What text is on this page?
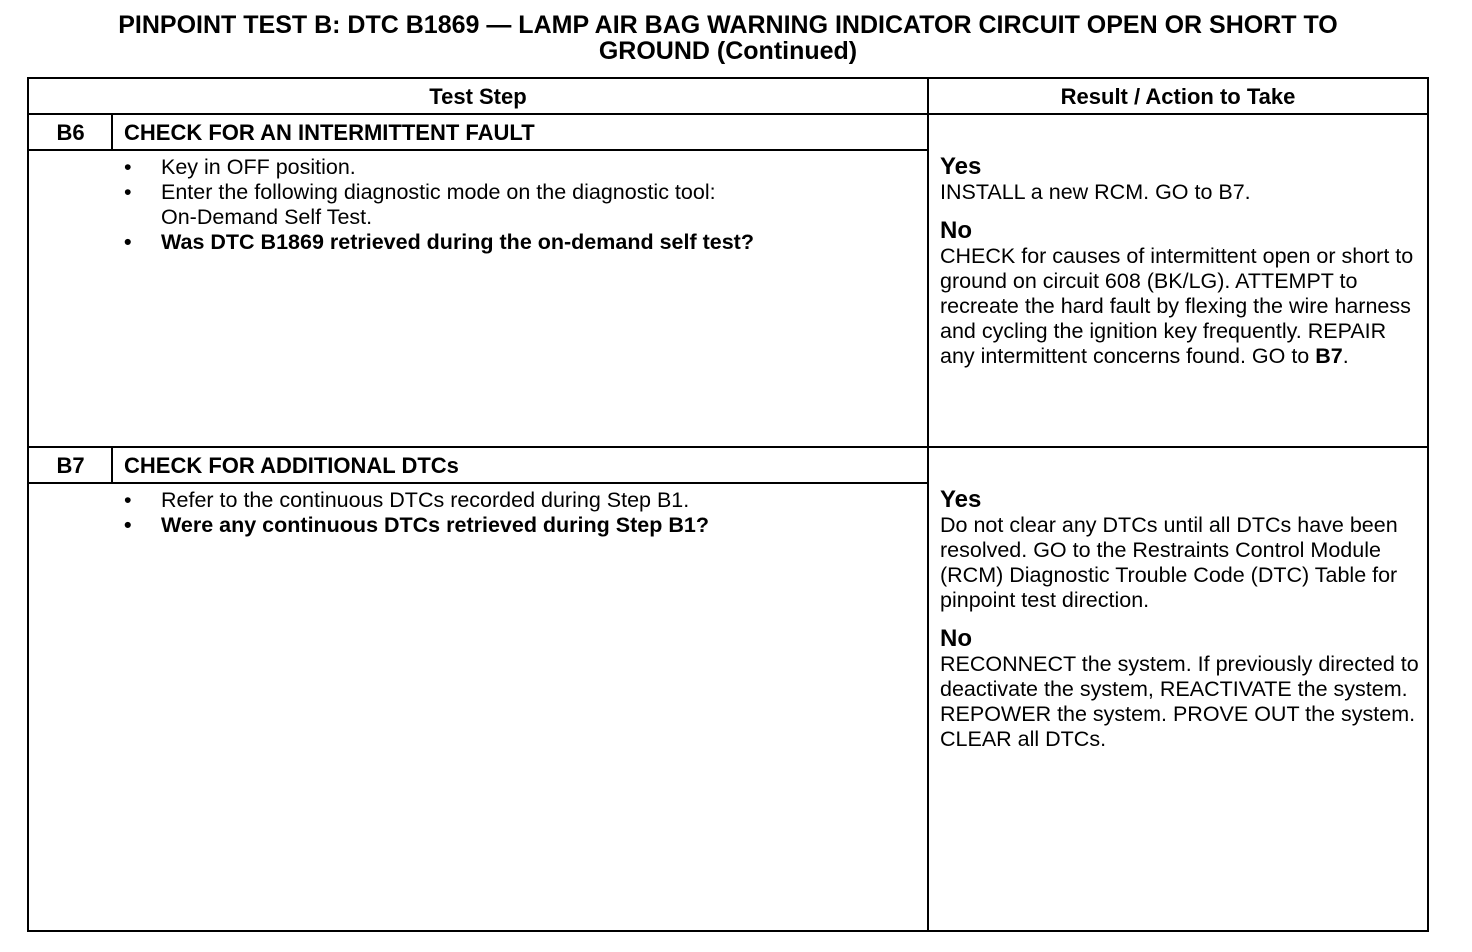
PINPOINT TEST B: DTC B1869 — LAMP AIR BAG WARNING INDICATOR CIRCUIT OPEN OR SHORT TO
GROUND (Continued)
Test Step	Result / Action to Take
B6	CHECK FOR AN INTERMITTENT FAULT
• Key in OFF position.
• Enter the following diagnostic mode on the diagnostic tool:
On-Demand Self Test.
• Was DTC B1869 retrieved during the on-demand self test?
Yes
INSTALL a new RCM. GO to B7.
No
CHECK for causes of intermittent open or short to ground on circuit 608 (BK/LG). ATTEMPT to recreate the hard fault by flexing the wire harness and cycling the ignition key frequently. REPAIR any intermittent concerns found. GO to B7.
B7	CHECK FOR ADDITIONAL DTCs
• Refer to the continuous DTCs recorded during Step B1.
• Were any continuous DTCs retrieved during Step B1?
Yes
Do not clear any DTCs until all DTCs have been resolved. GO to the Restraints Control Module (RCM) Diagnostic Trouble Code (DTC) Table for pinpoint test direction.
No
RECONNECT the system. If previously directed to deactivate the system, REACTIVATE the system. REPOWER the system. PROVE OUT the system. CLEAR all DTCs.
